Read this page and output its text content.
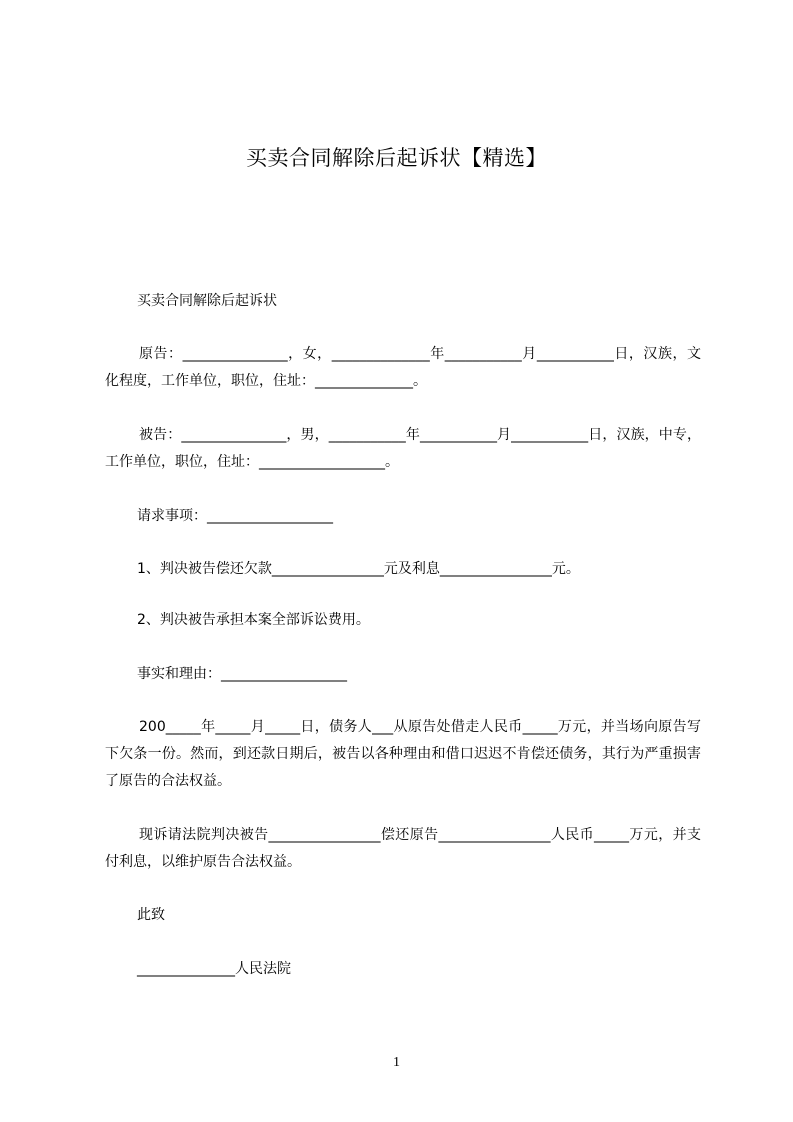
买卖合同解除后起诉状【精选】
买卖合同解除后起诉状
原告：_______________，女，______________年___________月___________日，汉族，文化程度，工作单位，职位，住址：______________。
被告：_______________，男，___________年___________月___________日，汉族，中专，工作单位，职位，住址：__________________。
请求事项：__________________
1、判决被告偿还欠款________________元及利息________________元。
2、判决被告承担本案全部诉讼费用。
事实和理由：__________________
200_____年_____月_____日，债务人___从原告处借走人民币_____万元，并当场向原告写下欠条一份。然而，到还款日期后，被告以各种理由和借口迟迟不肯偿还债务，其行为严重损害了原告的合法权益。
现诉请法院判决被告________________偿还原告________________人民币_____万元，并支付利息，以维护原告合法权益。
此致
______________人民法院
1
